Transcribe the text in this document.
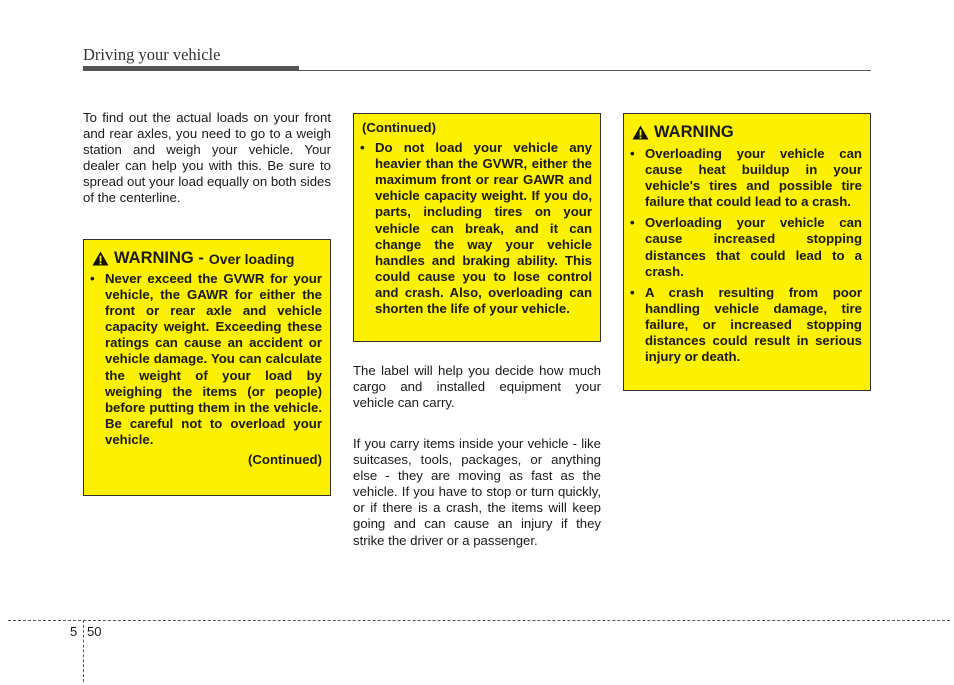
Driving your vehicle
To find out the actual loads on your front and rear axles, you need to go to a weigh station and weigh your vehicle. Your dealer can help you with this. Be sure to spread out your load equally on both sides of the centerline.
WARNING - Over loading
• Never exceed the GVWR for your vehicle, the GAWR for either the front or rear axle and vehicle capacity weight. Exceeding these ratings can cause an accident or vehicle damage. You can calculate the weight of your load by weighing the items (or people) before putting them in the vehicle. Be careful not to overload your vehicle.
(Continued)
(Continued)
• Do not load your vehicle any heavier than the GVWR, either the maximum front or rear GAWR and vehicle capacity weight. If you do, parts, including tires on your vehicle can break, and it can change the way your vehicle handles and braking ability. This could cause you to lose control and crash. Also, overloading can shorten the life of your vehicle.
The label will help you decide how much cargo and installed equipment your vehicle can carry.
If you carry items inside your vehicle - like suitcases, tools, packages, or anything else - they are moving as fast as the vehicle. If you have to stop or turn quickly, or if there is a crash, the items will keep going and can cause an injury if they strike the driver or a passenger.
WARNING
• Overloading your vehicle can cause heat buildup in your vehicle's tires and possible tire failure that could lead to a crash.
• Overloading your vehicle can cause increased stopping distances that could lead to a crash.
• A crash resulting from poor handling vehicle damage, tire failure, or increased stopping distances could result in serious injury or death.
5 50
